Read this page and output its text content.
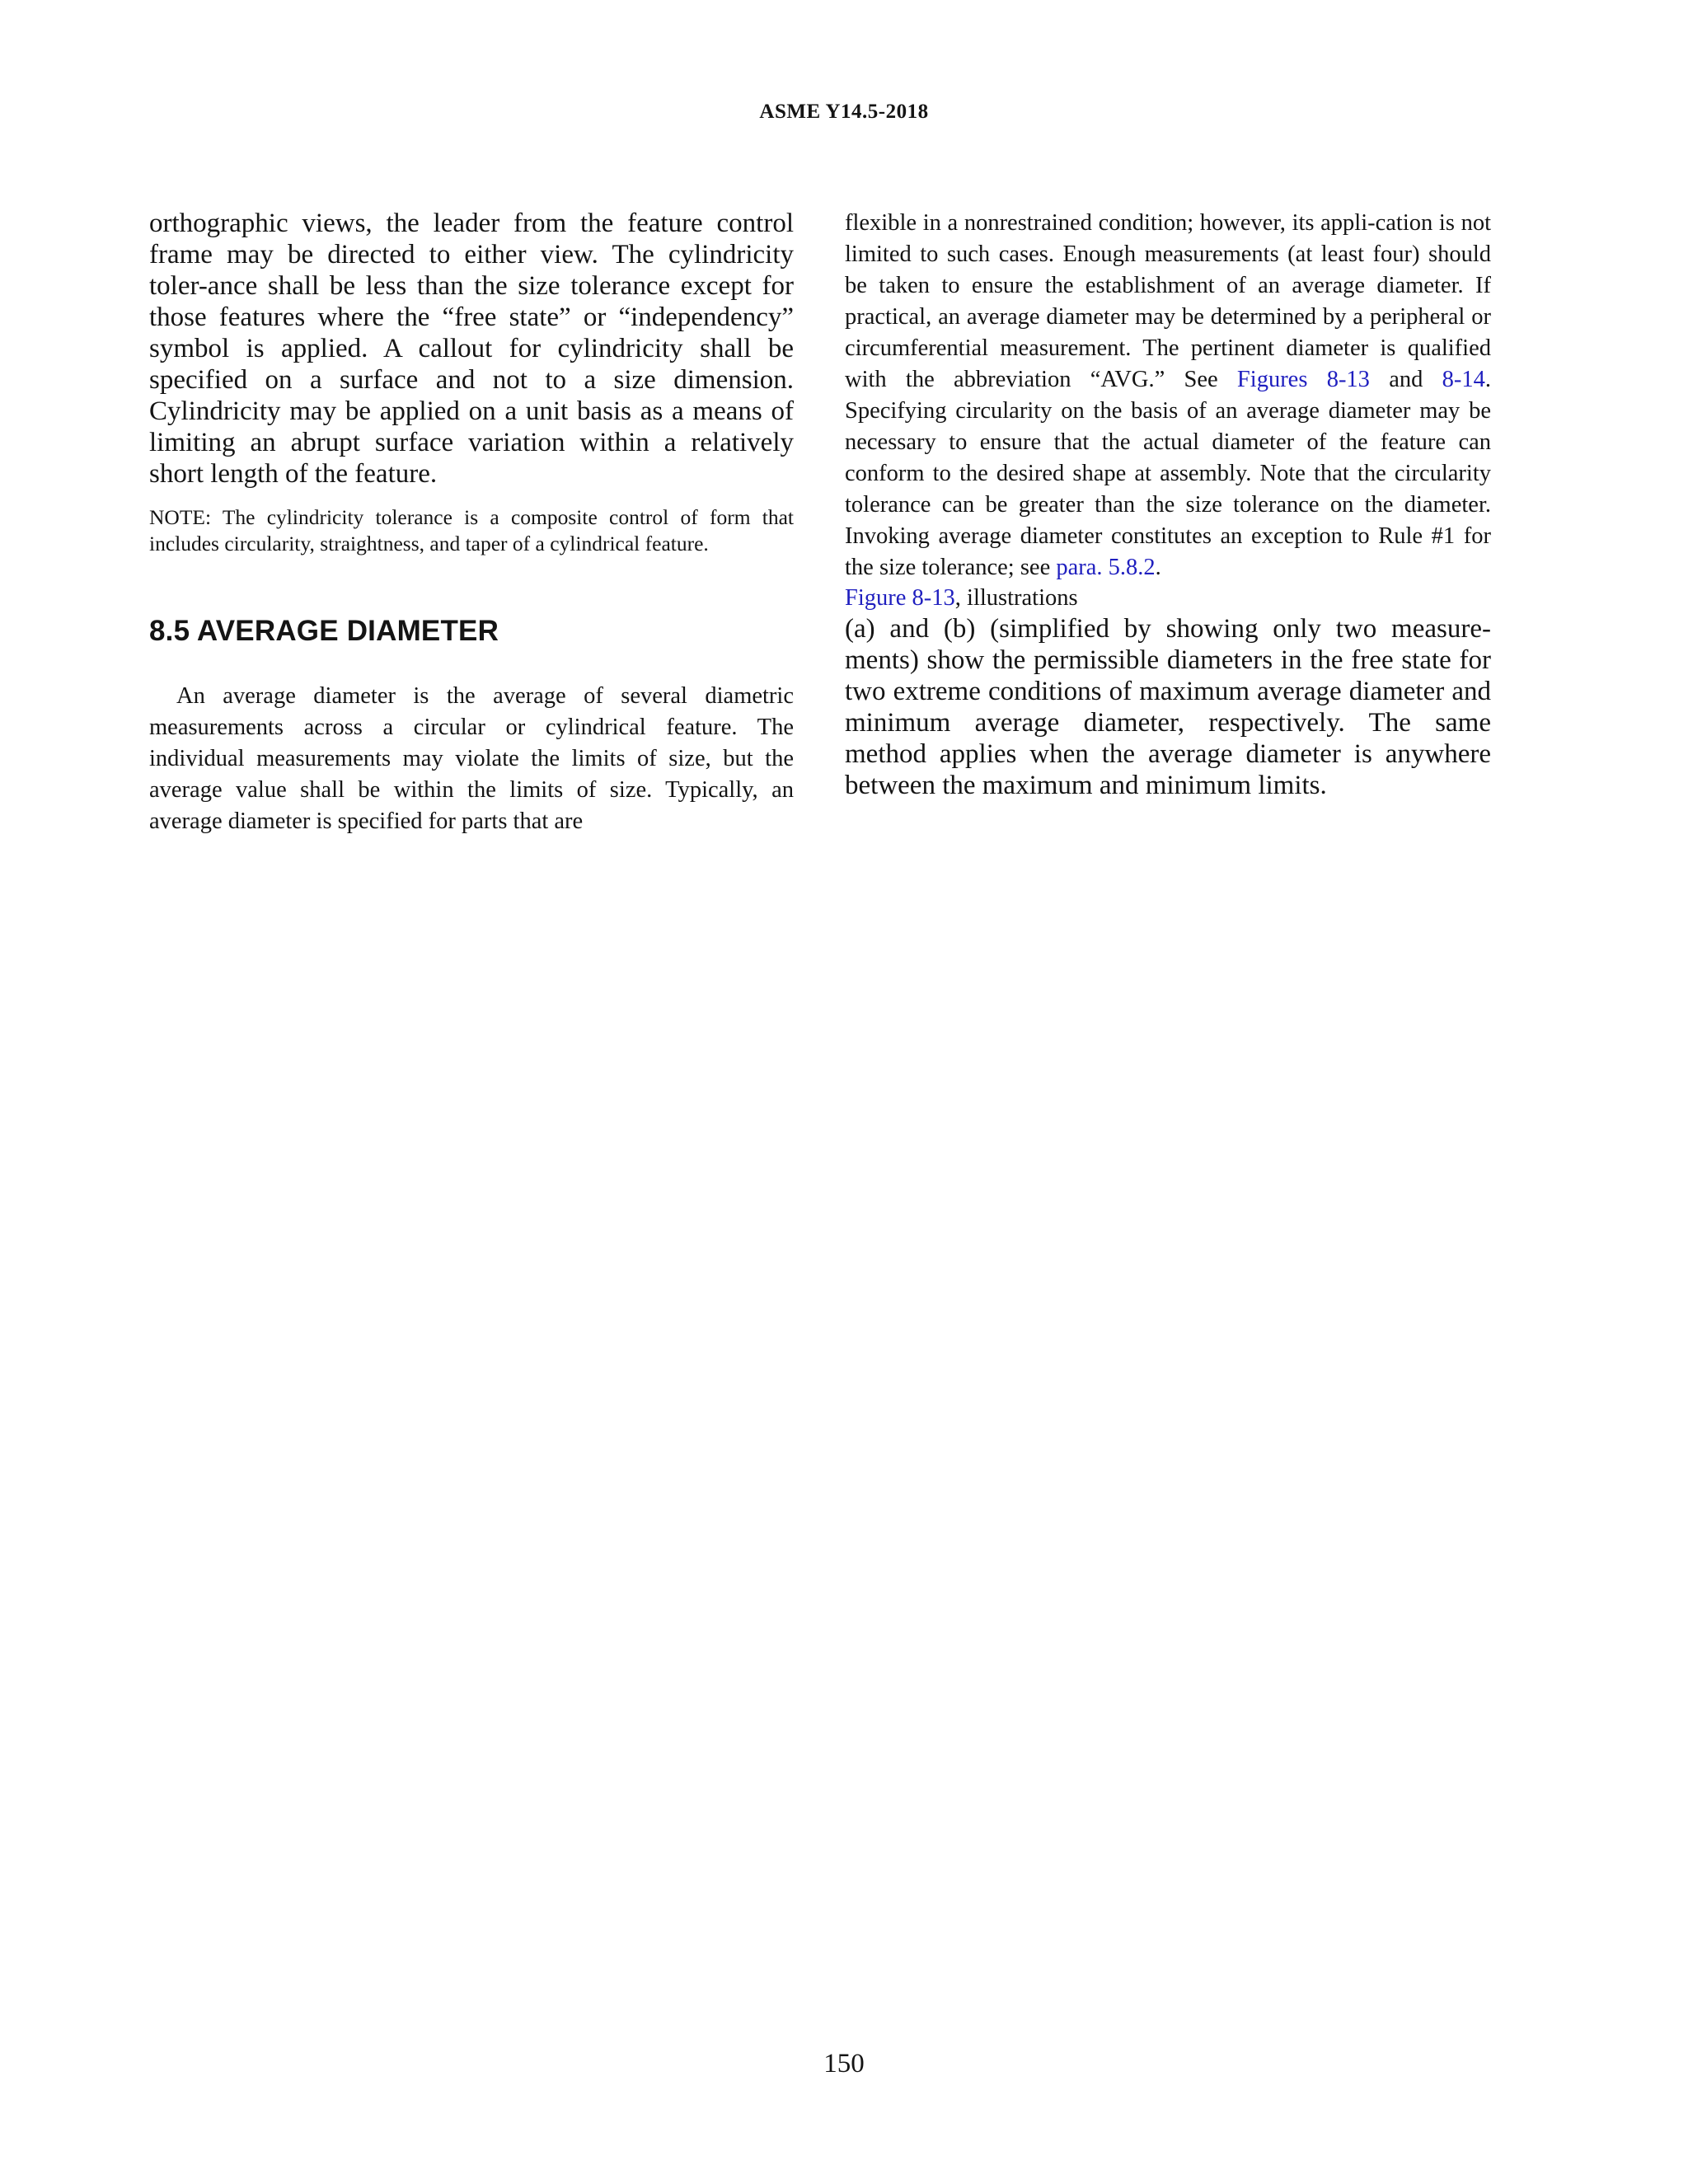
ASME Y14.5-2018

orthographic views, the leader from the feature control frame may be directed to either view. The cylindricity toler-ance shall be less than the size tolerance except for those features where the “free state” or “independency” symbol is applied. A callout for cylindricity shall be specified on a surface and not to a size dimension. Cylindricity may be applied on a unit basis as a means of limiting an abrupt surface variation within a relatively short length of the feature.

NOTE: The cylindricity tolerance is a composite control of form that includes circularity, straightness, and taper of a cylindrical feature.

8.5 AVERAGE DIAMETER

An average diameter is the average of several diametric measurements across a circular or cylindrical feature. The individual measurements may violate the limits of size, but the average value shall be within the limits of size. Typically, an average diameter is specified for parts that are

flexible in a nonrestrained condition; however, its appli-cation is not limited to such cases. Enough measurements (at least four) should be taken to ensure the establishment of an average diameter. If practical, an average diameter may be determined by a peripheral or circumferential measurement. The pertinent diameter is qualified with the abbreviation “AVG.” See Figures 8-13 and 8-14. Specifying circularity on the basis of an average diameter may be necessary to ensure that the actual diameter of the feature can conform to the desired shape at assembly. Note that the circularity tolerance can be greater than the size tolerance on the diameter. Invoking average diameter constitutes an exception to Rule #1 for the size tolerance; see para. 5.8.2.

Figure 8-13, illustrations

(a) and (b) (simplified by showing only two measure-ments) show the permissible diameters in the free state for two extreme conditions of maximum average diameter and minimum average diameter, respectively. The same method applies when the average diameter is anywhere between the maximum and minimum limits.

150
